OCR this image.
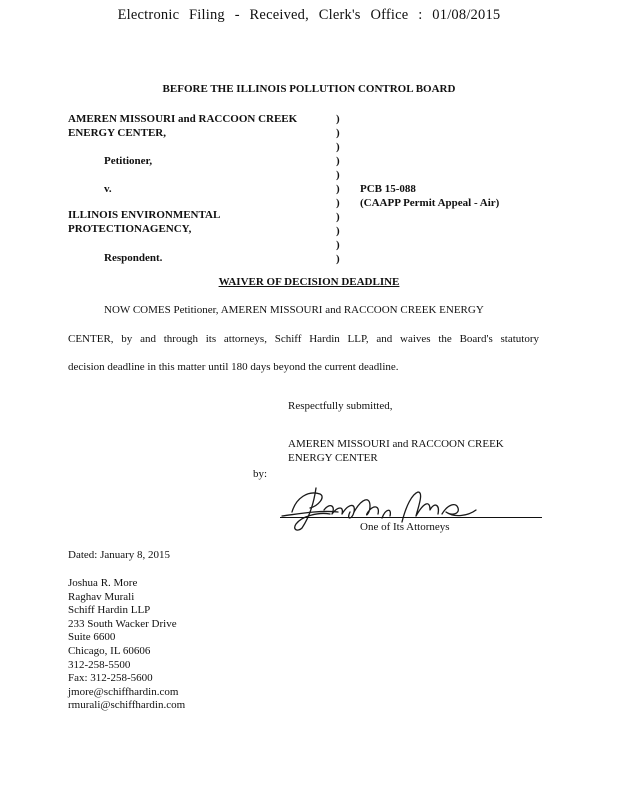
Electronic Filing - Received, Clerk's Office : 01/08/2015
BEFORE THE ILLINOIS POLLUTION CONTROL BOARD
AMEREN MISSOURI and RACCOON CREEK
ENERGY CENTER,
Petitioner,
v.
ILLINOIS ENVIRONMENTAL
PROTECTIONAGENCY,
Respondent.
)
)
)
)
)
)
)
)
)
)
)
PCB 15-088
(CAAPP Permit Appeal - Air)
WAIVER OF DECISION DEADLINE
NOW COMES Petitioner, AMEREN MISSOURI and RACCOON CREEK ENERGY
CENTER, by and through its attorneys, Schiff Hardin LLP, and waives the Board's statutory
decision deadline in this matter until 180 days beyond the current deadline.
Respectfully submitted,
AMEREN MISSOURI and RACCOON CREEK
ENERGY CENTER
by:
One of Its Attorneys
Dated: January 8, 2015
Joshua R. More
Raghav Murali
Schiff Hardin LLP
233 South Wacker Drive
Suite 6600
Chicago, IL 60606
312-258-5500
Fax: 312-258-5600
jmore@schiffhardin.com
rmurali@schiffhardin.com
